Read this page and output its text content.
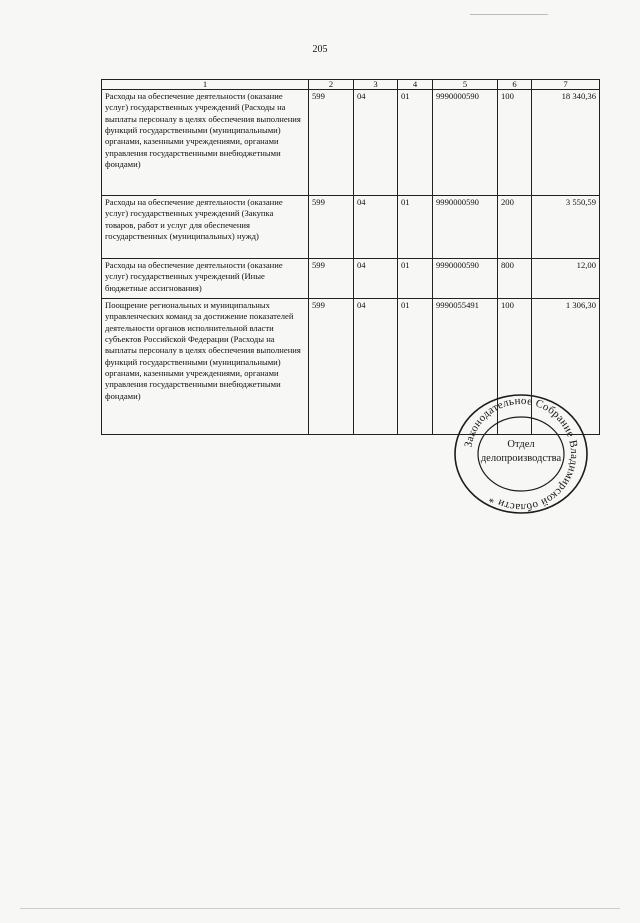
205
1	2	3	4	5	6	7
Расходы на обеспечение деятельности (оказание услуг) государственных учреждений (Расходы на выплаты персоналу в целях обеспечения выполнения функций государственными (муниципальными) органами, казенными учреждениями, органами управления государственными внебюджетными фондами)	599	04	01	9990000590	100	18 340,36
Расходы на обеспечение деятельности (оказание услуг) государственных учреждений (Закупка товаров, работ и услуг для обеспечения государственных (муниципальных) нужд)	599	04	01	9990000590	200	3 550,59
Расходы на обеспечение деятельности (оказание услуг) государственных учреждений (Иные бюджетные ассигнования)	599	04	01	9990000590	800	12,00
Поощрение региональных и муниципальных управленческих команд за достижение показателей деятельности органов исполнительной власти субъектов Российской Федерации (Расходы на выплаты персоналу в целях обеспечения выполнения функций государственными (муниципальными) органами, казенными учреждениями, органами управления государственными внебюджетными фондами)	599	04	01	9990055491	100	1 306,30
Законодательное Собрание Владимирской области *
Отдел
делопроизводства
